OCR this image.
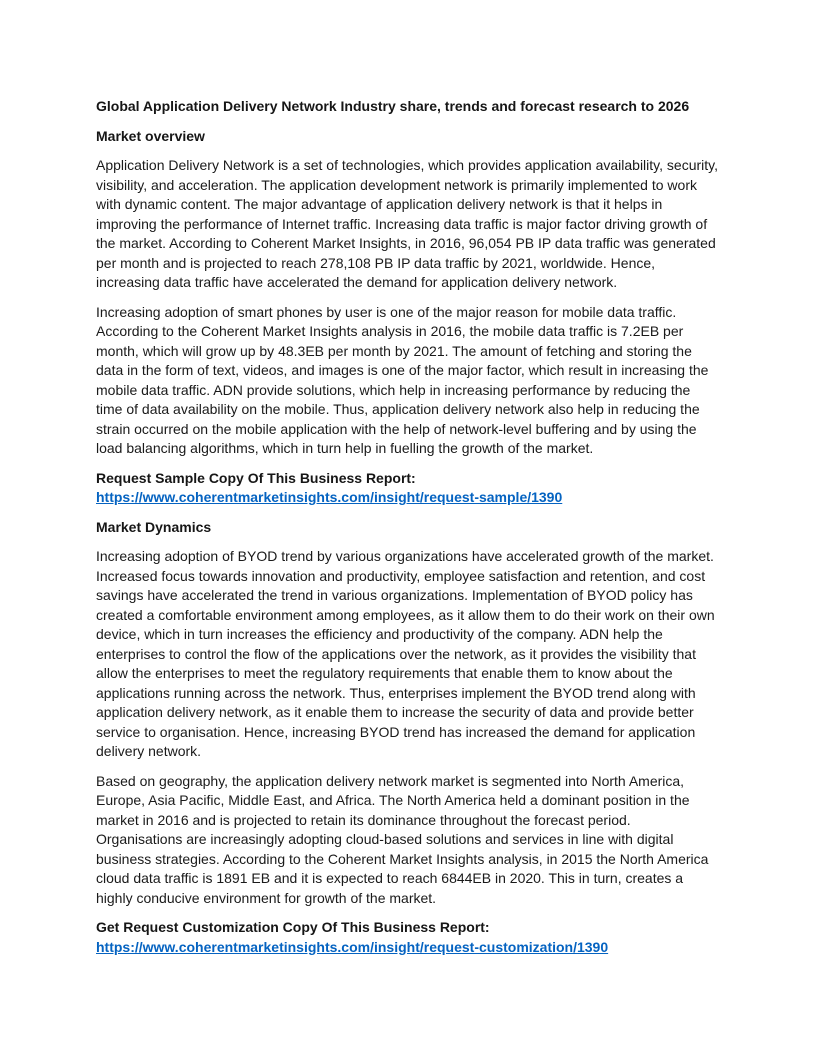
Global Application Delivery Network Industry share, trends and forecast research to 2026
Market overview

Application Delivery Network is a set of technologies, which provides application availability, security, visibility, and acceleration. The application development network is primarily implemented to work with dynamic content. The major advantage of application delivery network is that it helps in improving the performance of Internet traffic. Increasing data traffic is major factor driving growth of the market. According to Coherent Market Insights, in 2016, 96,054 PB IP data traffic was generated per month and is projected to reach 278,108 PB IP data traffic by 2021, worldwide. Hence, increasing data traffic have accelerated the demand for application delivery network.

Increasing adoption of smart phones by user is one of the major reason for mobile data traffic. According to the Coherent Market Insights analysis in 2016, the mobile data traffic is 7.2EB per month, which will grow up by 48.3EB per month by 2021. The amount of fetching and storing the data in the form of text, videos, and images is one of the major factor, which result in increasing the mobile data traffic. ADN provide solutions, which help in increasing performance by reducing the time of data availability on the mobile. Thus, application delivery network also help in reducing the strain occurred on the mobile application with the help of network-level buffering and by using the load balancing algorithms, which in turn help in fuelling the growth of the market.

Request Sample Copy Of This Business Report:
https://www.coherentmarketinsights.com/insight/request-sample/1390
Market Dynamics

Increasing adoption of BYOD trend by various organizations have accelerated growth of the market. Increased focus towards innovation and productivity, employee satisfaction and retention, and cost savings have accelerated the trend in various organizations. Implementation of BYOD policy has created a comfortable environment among employees, as it allow them to do their work on their own device, which in turn increases the efficiency and productivity of the company. ADN help the enterprises to control the flow of the applications over the network, as it provides the visibility that allow the enterprises to meet the regulatory requirements that enable them to know about the applications running across the network. Thus, enterprises implement the BYOD trend along with application delivery network, as it enable them to increase the security of data and provide better service to organisation. Hence, increasing BYOD trend has increased the demand for application delivery network.

Based on geography, the application delivery network market is segmented into North America, Europe, Asia Pacific, Middle East, and Africa. The North America held a dominant position in the market in 2016 and is projected to retain its dominance throughout the forecast period. Organisations are increasingly adopting cloud-based solutions and services in line with digital business strategies. According to the Coherent Market Insights analysis, in 2015 the North America cloud data traffic is 1891 EB and it is expected to reach 6844EB in 2020. This in turn, creates a highly conducive environment for growth of the market.

Get Request Customization Copy Of This Business Report:
https://www.coherentmarketinsights.com/insight/request-customization/1390
